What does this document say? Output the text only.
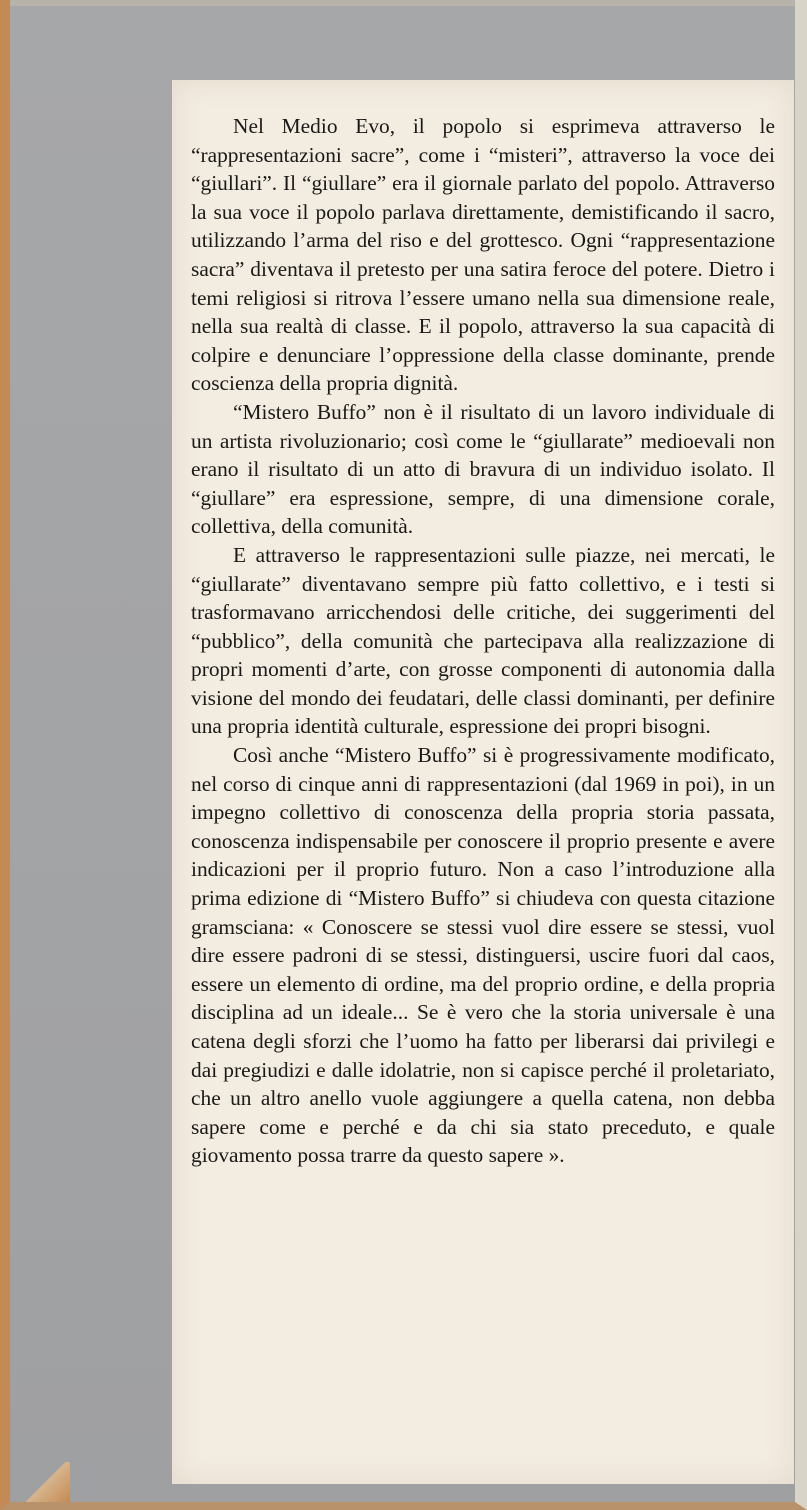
Nel Medio Evo, il popolo si esprimeva attraverso le “rappresentazioni sacre”, come i “misteri”, attraverso la voce dei “giullari”. Il “giullare” era il giornale parlato del popolo. Attraverso la sua voce il popolo parlava direttamente, demistificando il sacro, utilizzando l’arma del riso e del grottesco. Ogni “rappresentazione sacra” diventava il pretesto per una satira feroce del potere. Dietro i temi religiosi si ritrova l’essere umano nella sua dimensione reale, nella sua realtà di classe. E il popolo, attraverso la sua capacità di colpire e denunciare l’oppressione della classe dominante, prende coscienza della propria dignità.

“Mistero Buffo” non è il risultato di un lavoro individuale di un artista rivoluzionario; così come le “giullarate” medioevali non erano il risultato di un atto di bravura di un individuo isolato. Il “giullare” era espressione, sempre, di una dimensione corale, collettiva, della comunità.

E attraverso le rappresentazioni sulle piazze, nei mercati, le “giullarate” diventavano sempre più fatto collettivo, e i testi si trasformavano arricchendosi delle critiche, dei suggerimenti del “pubblico”, della comunità che partecipava alla realizzazione di propri momenti d’arte, con grosse componenti di autonomia dalla visione del mondo dei feudatari, delle classi dominanti, per definire una propria identità culturale, espressione dei propri bisogni.

Così anche “Mistero Buffo” si è progressivamente modificato, nel corso di cinque anni di rappresentazioni (dal 1969 in poi), in un impegno collettivo di conoscenza della propria storia passata, conoscenza indispensabile per conoscere il proprio presente e avere indicazioni per il proprio futuro. Non a caso l’introduzione alla prima edizione di “Mistero Buffo” si chiudeva con questa citazione gramsciana: « Conoscere se stessi vuol dire essere se stessi, vuol dire essere padroni di se stessi, distinguersi, uscire fuori dal caos, essere un elemento di ordine, ma del proprio ordine, e della propria disciplina ad un ideale... Se è vero che la storia universale è una catena degli sforzi che l’uomo ha fatto per liberarsi dai privilegi e dai pregiudizi e dalle idolatrie, non si capisce perché il proletariato, che un altro anello vuole aggiungere a quella catena, non debba sapere come e perché e da chi sia stato preceduto, e quale giovamento possa trarre da questo sapere ».
